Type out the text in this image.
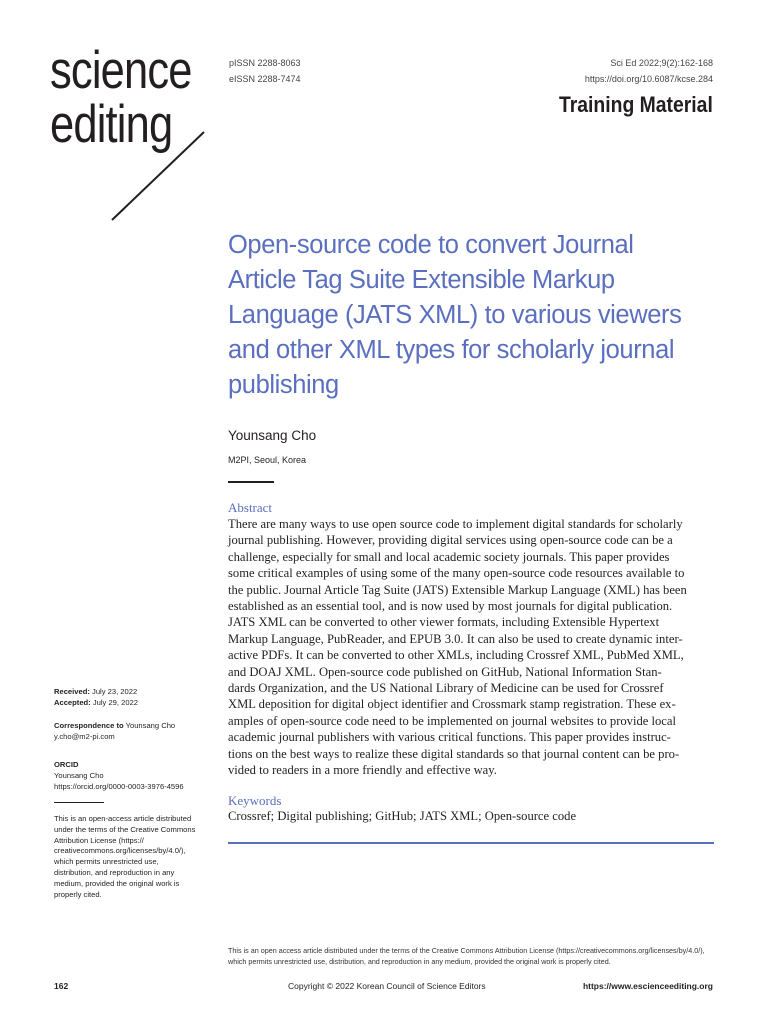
science
editing
pISSN 2288-8063
eISSN 2288-7474
Sci Ed 2022;9(2):162-168
https://doi.org/10.6087/kcse.284
Training Material
Open-source code to convert Journal
Article Tag Suite Extensible Markup
Language (JATS XML) to various viewers
and other XML types for scholarly journal
publishing
Younsang Cho
M2PI, Seoul, Korea
Abstract
There are many ways to use open source code to implement digital standards for scholarly
journal publishing. However, providing digital services using open-source code can be a
challenge, especially for small and local academic society journals. This paper provides
some critical examples of using some of the many open-source code resources available to
the public. Journal Article Tag Suite (JATS) Extensible Markup Language (XML) has been
established as an essential tool, and is now used by most journals for digital publication.
JATS XML can be converted to other viewer formats, including Extensible Hypertext
Markup Language, PubReader, and EPUB 3.0. It can also be used to create dynamic inter-
active PDFs. It can be converted to other XMLs, including Crossref XML, PubMed XML,
and DOAJ XML. Open-source code published on GitHub, National Information Stan-
dards Organization, and the US National Library of Medicine can be used for Crossref
XML deposition for digital object identifier and Crossmark stamp registration. These ex-
amples of open-source code need to be implemented on journal websites to provide local
academic journal publishers with various critical functions. This paper provides instruc-
tions on the best ways to realize these digital standards so that journal content can be pro-
vided to readers in a more friendly and effective way.
Keywords
Crossref; Digital publishing; GitHub; JATS XML; Open-source code
Received: July 23, 2022
Accepted: July 29, 2022
Correspondence to Younsang Cho
y.cho@m2-pi.com
ORCID
Younsang Cho
https://orcid.org/0000-0003-3976-4596
This is an open-access article distributed
under the terms of the Creative Commons
Attribution License (https://
creativecommons.org/licenses/by/4.0/),
which permits unrestricted use,
distribution, and reproduction in any
medium, provided the original work is
properly cited.
This is an open access article distributed under the terms of the Creative Commons Attribution License (https://creativecommons.org/licenses/by/4.0/),
which permits unrestricted use, distribution, and reproduction in any medium, provided the original work is properly cited.
162	Copyright © 2022 Korean Council of Science Editors	https://www.escienceediting.org
